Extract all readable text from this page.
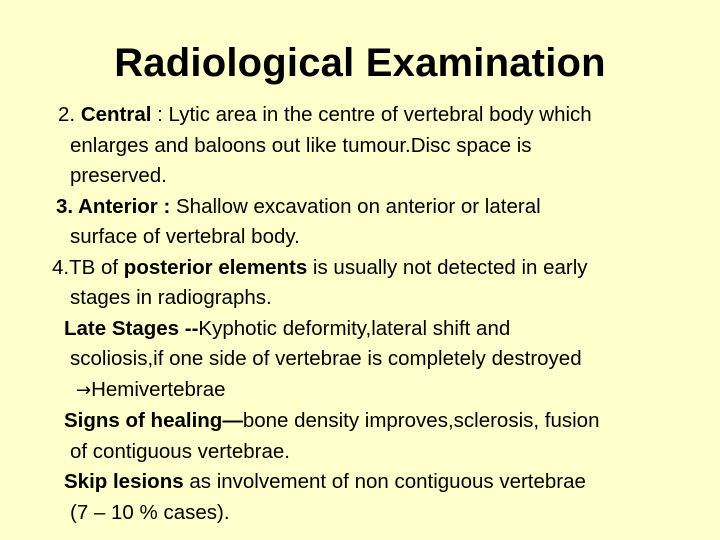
Radiological Examination
2. Central : Lytic area in the centre of vertebral body which
enlarges and baloons out like tumour.Disc space is
preserved.
3. Anterior : Shallow excavation on anterior or lateral
surface of vertebral body.
4.TB of posterior elements is usually not detected in early
stages in radiographs.
Late Stages --Kyphotic deformity,lateral shift and
scoliosis,if one side of vertebrae is completely destroyed
→Hemivertebrae
Signs of healing—bone density improves,sclerosis, fusion
of contiguous vertebrae.
Skip lesions as involvement of non contiguous vertebrae
(7 – 10 % cases).
